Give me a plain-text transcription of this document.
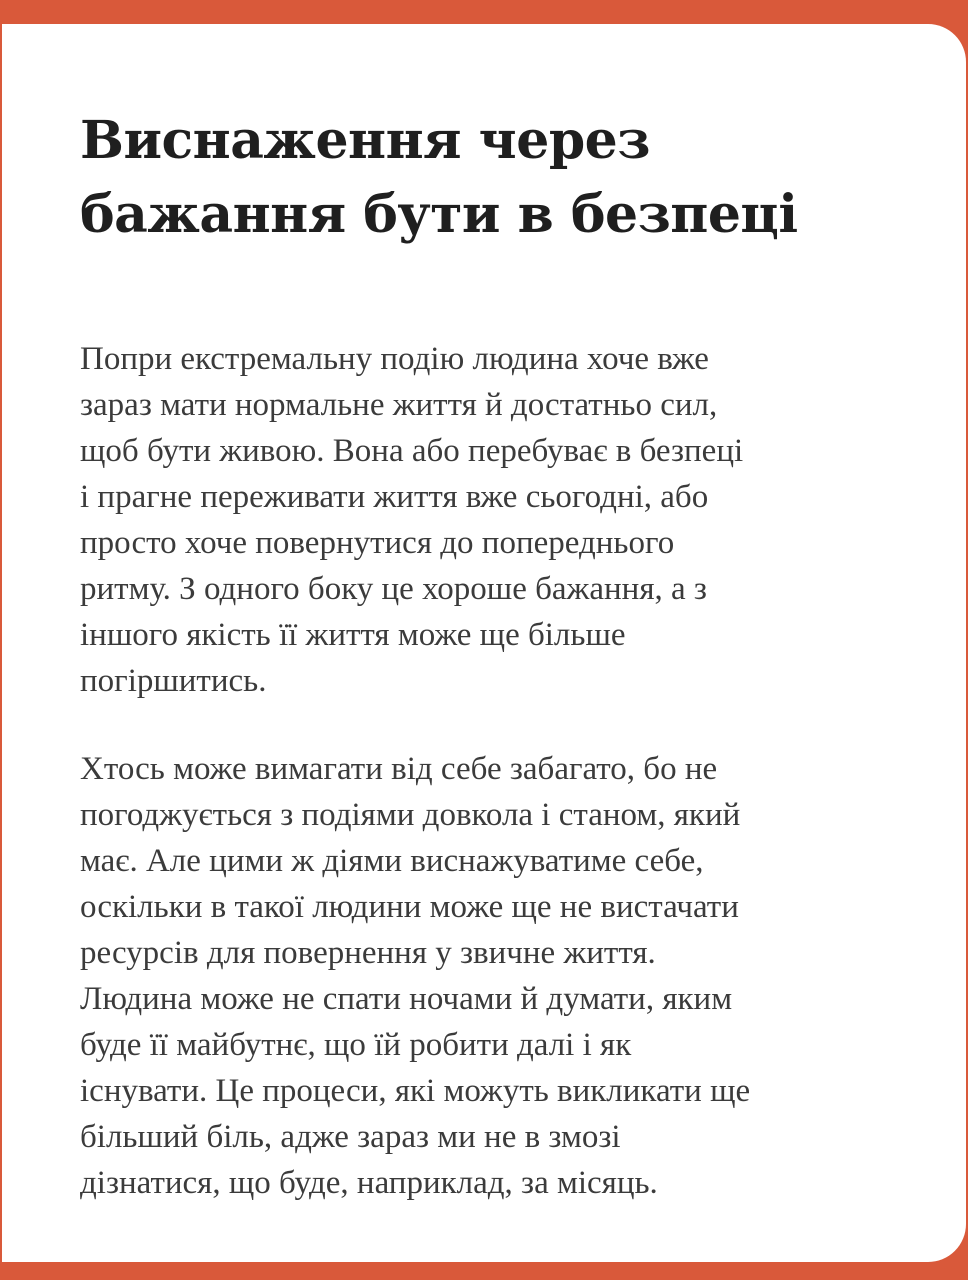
Виснаження через
бажання бути в безпеці

Попри екстремальну подію людина хоче вже
зараз мати нормальне життя й достатньо сил,
щоб бути живою. Вона або перебуває в безпеці
і прагне переживати життя вже сьогодні, або
просто хоче повернутися до попереднього
ритму. З одного боку це хороше бажання, а з
іншого якість її життя може ще більше
погіршитись.

Хтось може вимагати від себе забагато, бо не
погоджується з подіями довкола і станом, який
має. Але цими ж діями виснажуватиме себе,
оскільки в такої людини може ще не вистачати
ресурсів для повернення у звичне життя.
Людина може не спати ночами й думати, яким
буде її майбутнє, що їй робити далі і як
існувати. Це процеси, які можуть викликати ще
більший біль, адже зараз ми не в змозі
дізнатися, що буде, наприклад, за місяць.
